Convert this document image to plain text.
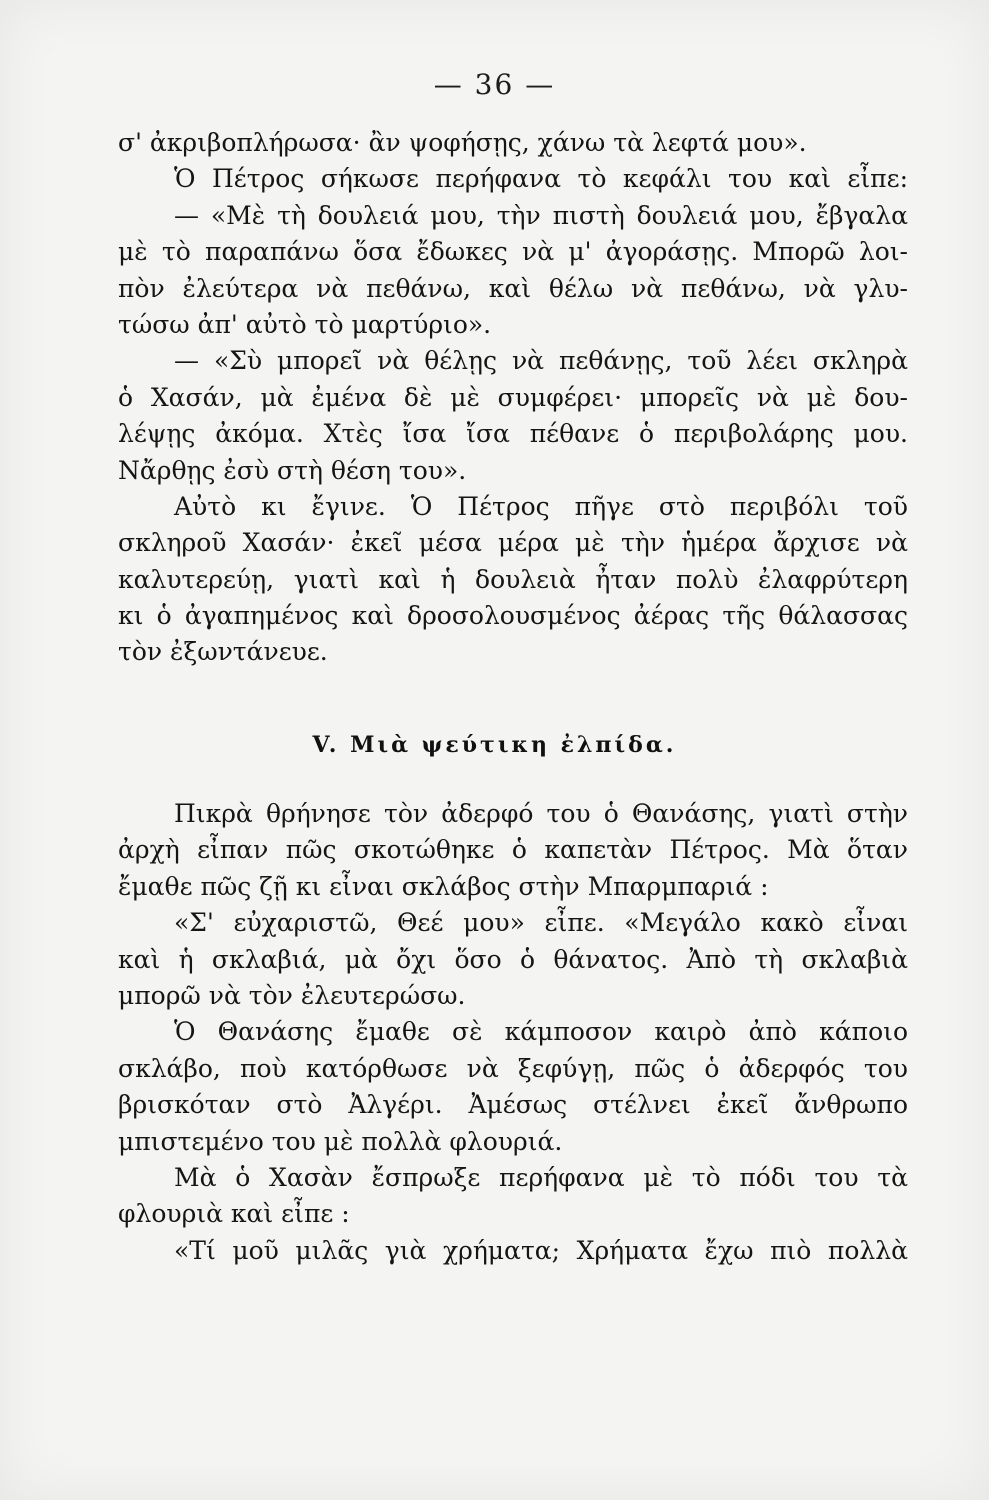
— 36 —
σ' ἀκριβοπλήρωσα· ἂν ψοφήσῃς, χάνω τὰ λεφτά μου».
Ὁ Πέτρος σήκωσε περήφανα τὸ κεφάλι του καὶ εἶπε:
— «Μὲ τὴ δουλειά μου, τὴν πιστὴ δουλειά μου, ἔβγαλα
μὲ τὸ παραπάνω ὅσα ἔδωκες νὰ μ' ἀγοράσῃς. Μπορῶ λοι-
πὸν ἐλεύτερα νὰ πεθάνω, καὶ θέλω νὰ πεθάνω, νὰ γλυ-
τώσω ἀπ' αὐτὸ τὸ μαρτύριο».
— «Σὺ μπορεῖ νὰ θέλῃς νὰ πεθάνῃς, τοῦ λέει σκληρὰ
ὁ Χασάν, μὰ ἐμένα δὲ μὲ συμφέρει· μπορεῖς νὰ μὲ δου-
λέψῃς ἀκόμα. Χτὲς ἴσα ἴσα πέθανε ὁ περιβολάρης μου.
Νἄρθῃς ἐσὺ στὴ θέση του».
Αὐτὸ κι ἔγινε. Ὁ Πέτρος πῆγε στὸ περιβόλι τοῦ
σκληροῦ Χασάν· ἐκεῖ μέσα μέρα μὲ τὴν ἡμέρα ἄρχισε νὰ
καλυτερεύῃ, γιατὶ καὶ ἡ δουλειὰ ἦταν πολὺ ἐλαφρύτερη
κι ὁ ἀγαπημένος καὶ δροσολουσμένος ἀέρας τῆς θάλασσας
τὸν ἐξωντάνευε.
V. Μιὰ ψεύτικη ἐλπίδα.
Πικρὰ θρήνησε τὸν ἀδερφό του ὁ Θανάσης, γιατὶ στὴν
ἀρχὴ εἶπαν πῶς σκοτώθηκε ὁ καπετὰν Πέτρος. Μὰ ὅταν
ἔμαθε πῶς ζῇ κι εἶναι σκλάβος στὴν Μπαρμπαριά :
«Σ' εὐχαριστῶ, Θεέ μου» εἶπε. «Μεγάλο κακὸ εἶναι
καὶ ἡ σκλαβιά, μὰ ὄχι ὅσο ὁ θάνατος. Ἀπὸ τὴ σκλαβιὰ
μπορῶ νὰ τὸν ἐλευτερώσω.
Ὁ Θανάσης ἔμαθε σὲ κάμποσον καιρὸ ἀπὸ κάποιο
σκλάβο, ποὺ κατόρθωσε νὰ ξεφύγῃ, πῶς ὁ ἀδερφός του
βρισκόταν στὸ Ἀλγέρι. Ἀμέσως στέλνει ἐκεῖ ἄνθρωπο
μπιστεμένο του μὲ πολλὰ φλουριά.
Μὰ ὁ Χασὰν ἔσπρωξε περήφανα μὲ τὸ πόδι του τὰ
φλουριὰ καὶ εἶπε :
«Τί μοῦ μιλᾶς γιὰ χρήματα; Χρήματα ἔχω πιὸ πολλὰ
